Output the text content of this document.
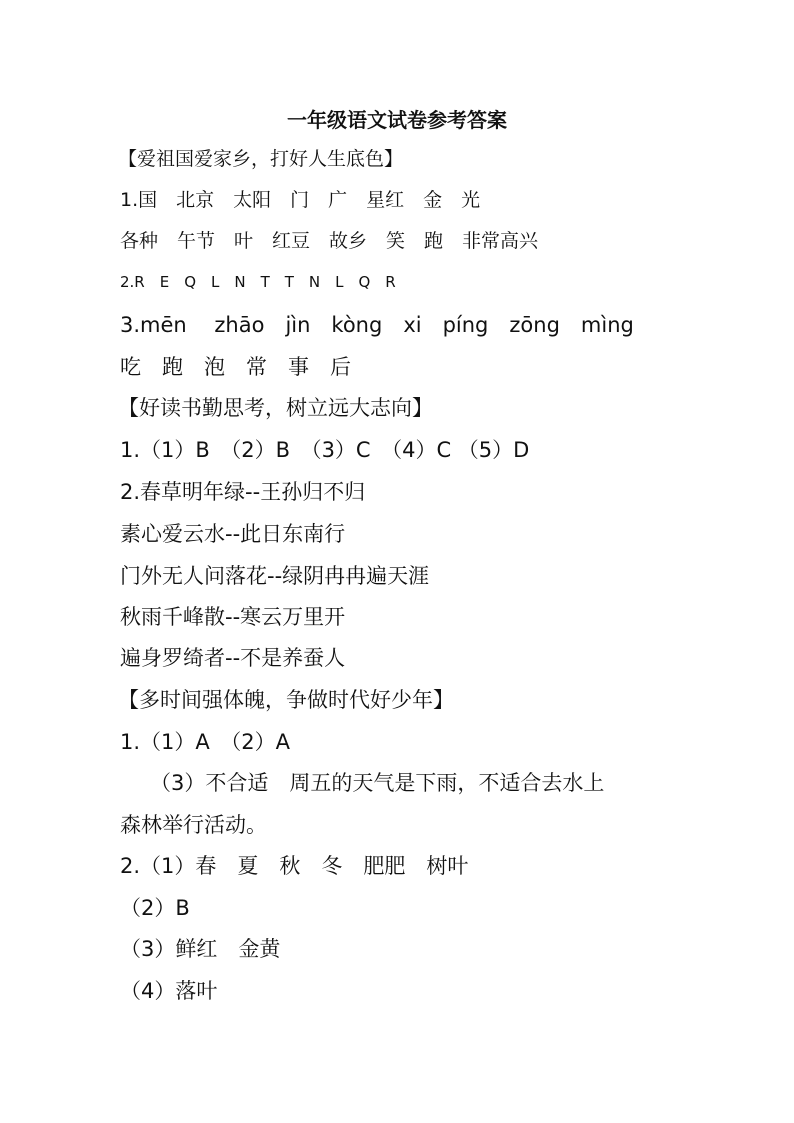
一年级语文试卷参考答案
【爱祖国爱家乡，打好人生底色】
1.国　北京　太阳　门　广　星红　金　光
各种　午节　叶　红豆　故乡　笑　跑　非常高兴
2.R　E　Q　L　N　T　T　N　L　Q　R
3.mēn　 zhāo　jìn　kòng　xi　píng　zōng　mìng
吃　跑　泡　常　事　后
【好读书勤思考，树立远大志向】
1.（1）B　（2）B　（3）C　（4）C （5）D
2.春草明年绿--王孙归不归
素心爱云水--此日东南行
门外无人问落花--绿阴冉冉遍天涯
秋雨千峰散--寒云万里开
遍身罗绮者--不是养蚕人
【多时间强体魄，争做时代好少年】
1.（1）A　（2）A
（3）不合适　周五的天气是下雨，不适合去水上
森林举行活动。
2.（1）春　夏　秋　冬　肥肥　树叶
（2）B
（3）鲜红　金黄
（4）落叶
